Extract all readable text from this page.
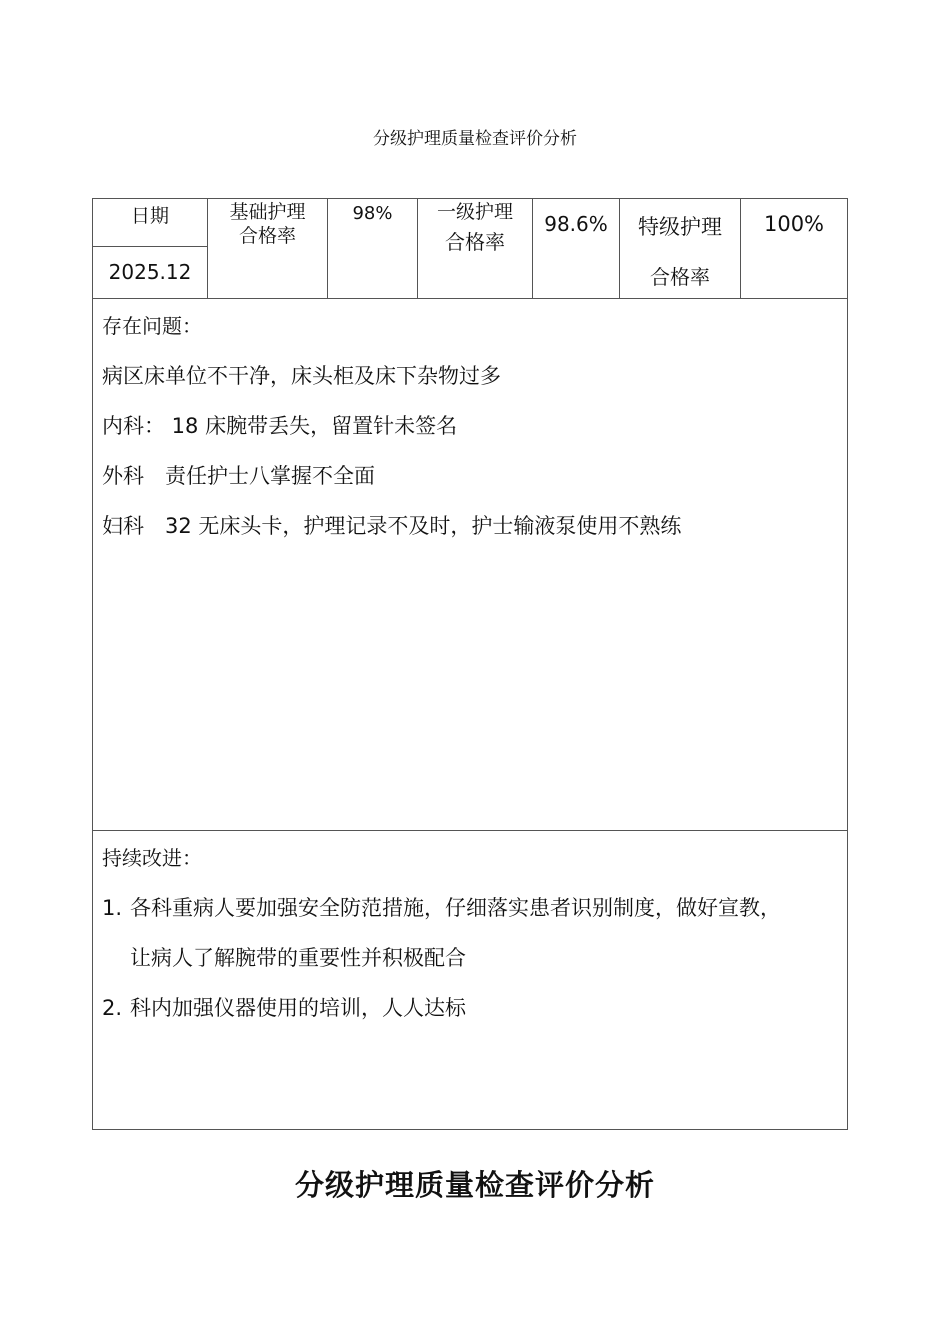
分级护理质量检查评价分析
日期
2025.12
基础护理
合格率
98%	一级护理
合格率
98.6%	特级护理
合格率
100%
存在问题：
病区床单位不干净，床头柜及床下杂物过多
内科： 18 床腕带丢失，留置针未签名
外科　责任护士八掌握不全面
妇科　32 无床头卡，护理记录不及时，护士输液泵使用不熟练
持续改进：
1. 各科重病人要加强安全防范措施，仔细落实患者识别制度，做好宣教，
让病人了解腕带的重要性并积极配合
2. 科内加强仪器使用的培训，人人达标
分级护理质量检查评价分析
